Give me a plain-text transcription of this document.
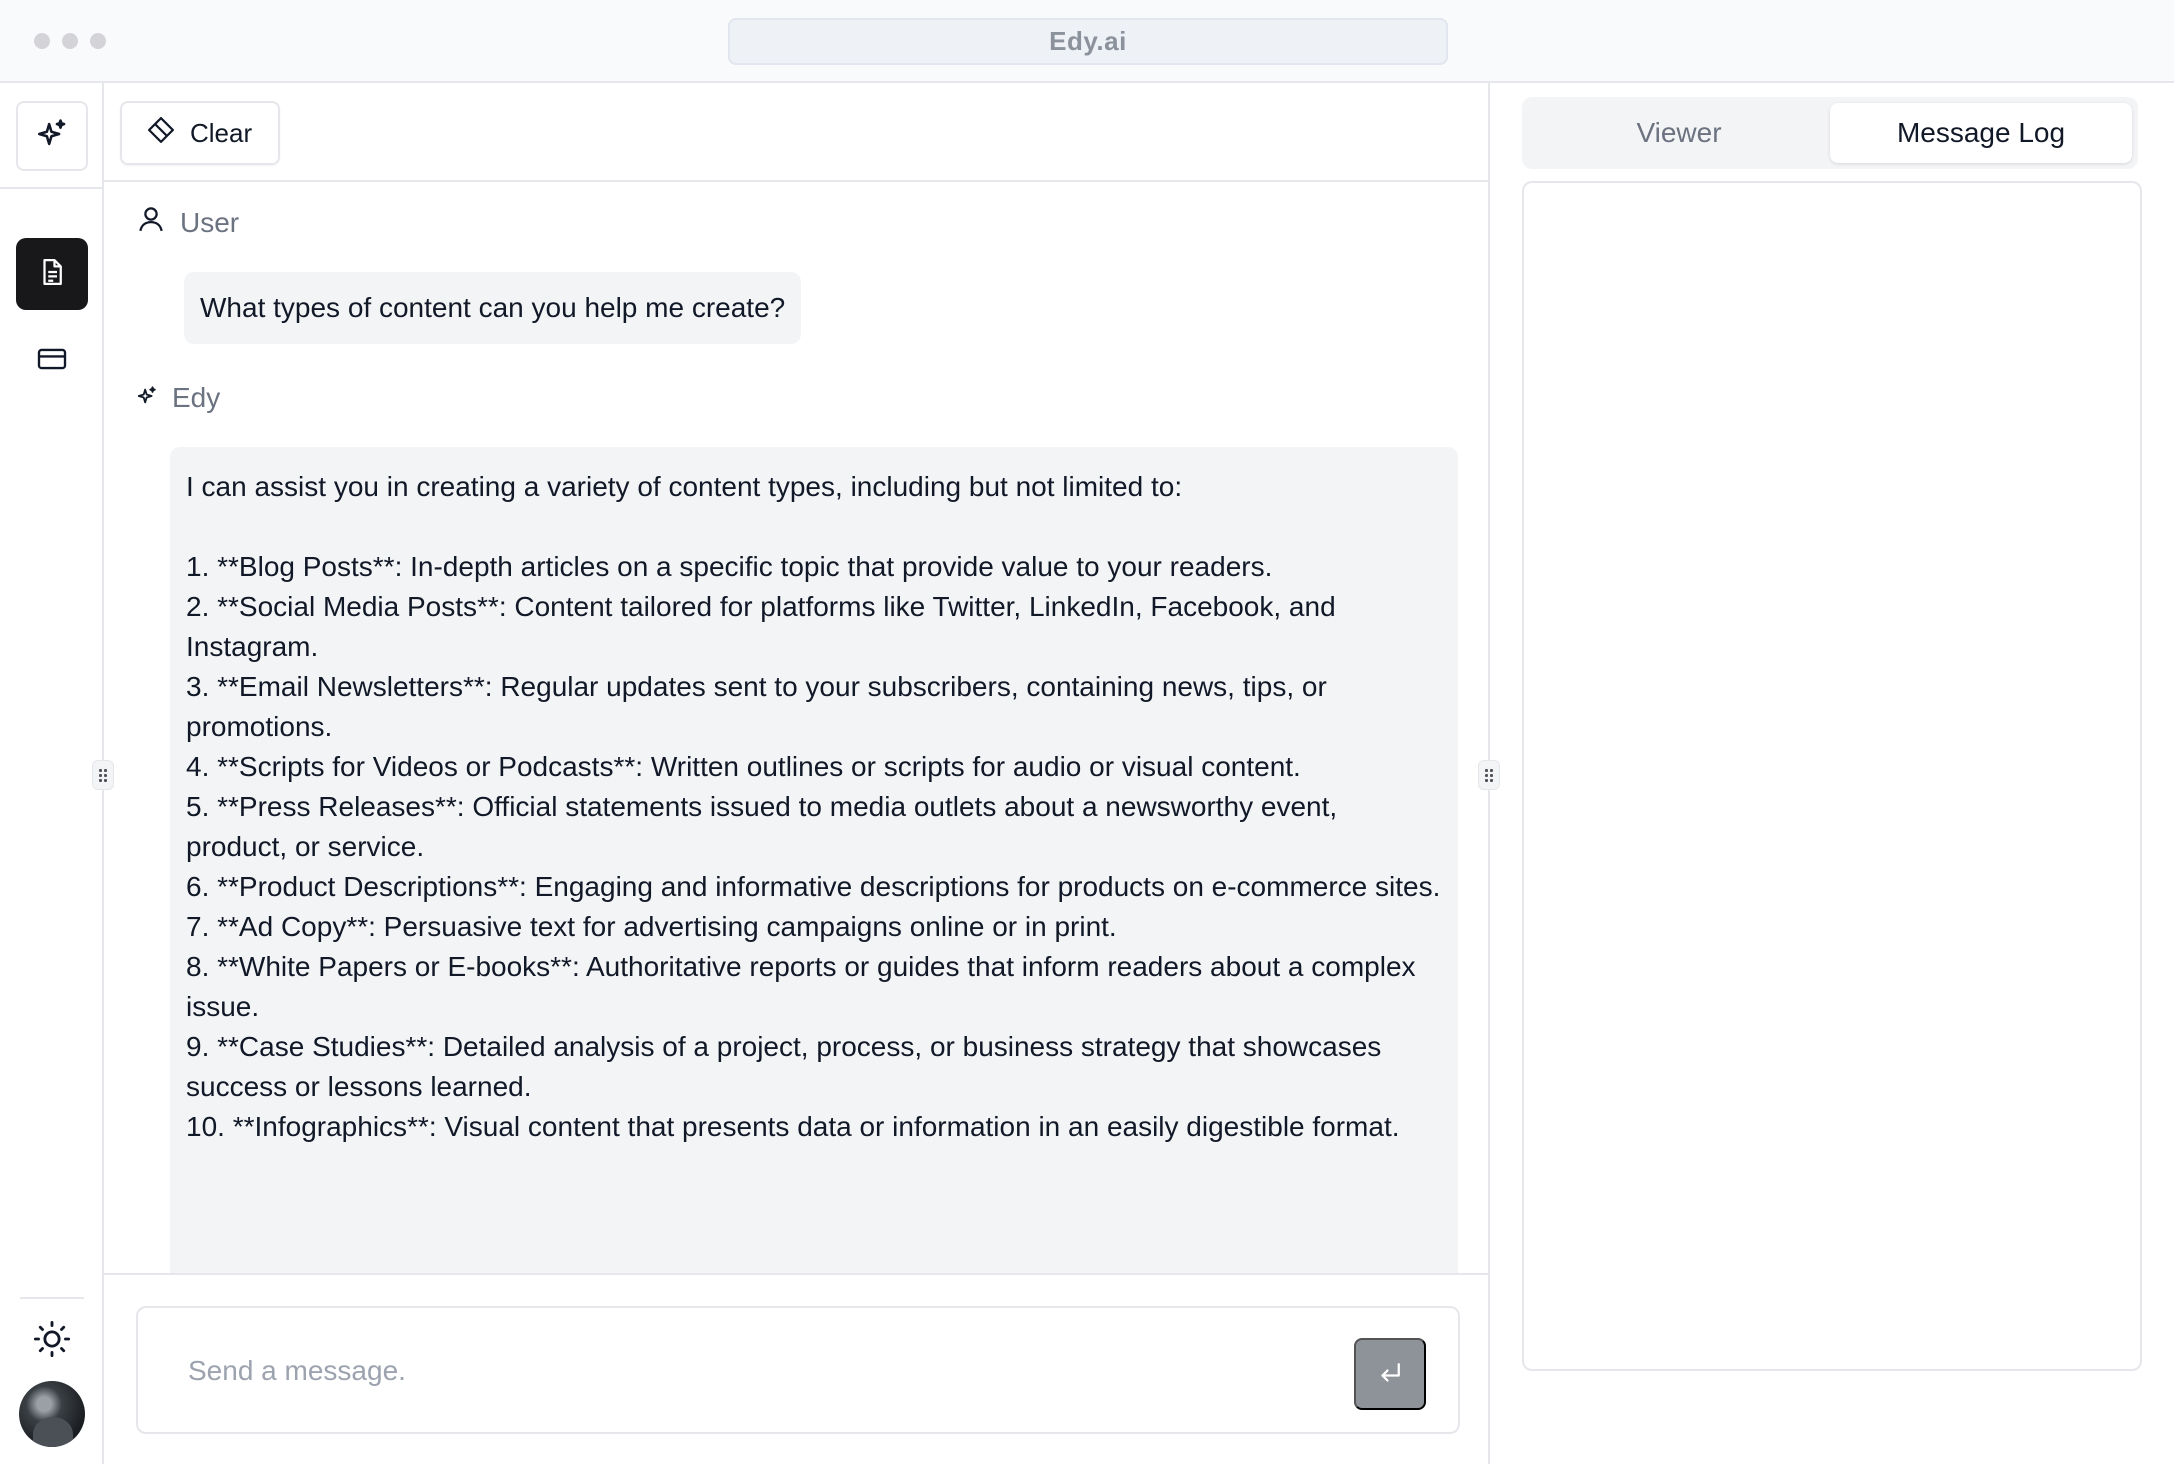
Edy.ai
Clear
User
What types of content can you help me create?
Edy

I can assist you in creating a variety of content types, including but not limited to:

1. **Blog Posts**: In-depth articles on a specific topic that provide value to your readers.
2. **Social Media Posts**: Content tailored for platforms like Twitter, LinkedIn, Facebook, and Instagram.
3. **Email Newsletters**: Regular updates sent to your subscribers, containing news, tips, or promotions.
4. **Scripts for Videos or Podcasts**: Written outlines or scripts for audio or visual content.
5. **Press Releases**: Official statements issued to media outlets about a newsworthy event, product, or service.
6. **Product Descriptions**: Engaging and informative descriptions for products on e-commerce sites.
7. **Ad Copy**: Persuasive text for advertising campaigns online or in print.
8. **White Papers or E-books**: Authoritative reports or guides that inform readers about a complex issue.
9. **Case Studies**: Detailed analysis of a project, process, or business strategy that showcases success or lessons learned.
10. **Infographics**: Visual content that presents data or information in an easily digestible format.

Send a message.
Viewer	Message Log
